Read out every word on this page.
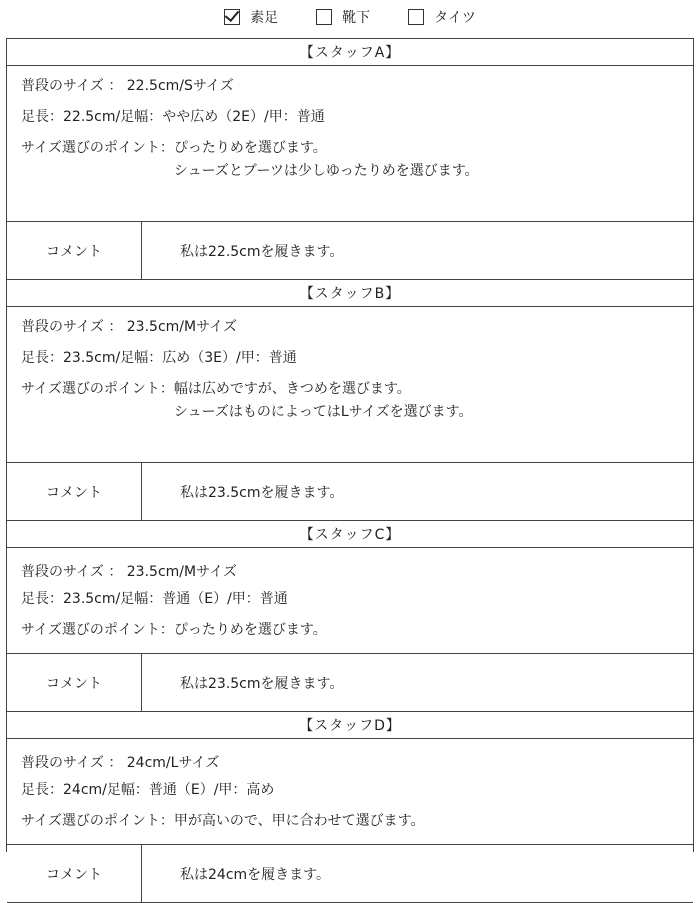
素足	靴下	タイツ
【スタッフA】
普段のサイズ ： 22.5cm/Sサイズ
足長：22.5cm/足幅：やや広め（2E）/甲：普通
サイズ選びのポイント： ぴったりめを選びます。
シューズとブーツは少しゆったりめを選びます。
コメント	私は22.5cmを履きます。
【スタッフB】
普段のサイズ ： 23.5cm/Mサイズ
足長：23.5cm/足幅：広め（3E）/甲：普通
サイズ選びのポイント： 幅は広めですが、きつめを選びます。
シューズはものによってはLサイズを選びます。
コメント	私は23.5cmを履きます。
【スタッフC】
普段のサイズ ： 23.5cm/Mサイズ
足長：23.5cm/足幅：普通（E）/甲：普通
サイズ選びのポイント： ぴったりめを選びます。
コメント	私は23.5cmを履きます。
【スタッフD】
普段のサイズ ： 24cm/Lサイズ
足長：24cm/足幅：普通（E）/甲：高め
サイズ選びのポイント： 甲が高いので、甲に合わせて選びます。
コメント	私は24cmを履きます。
